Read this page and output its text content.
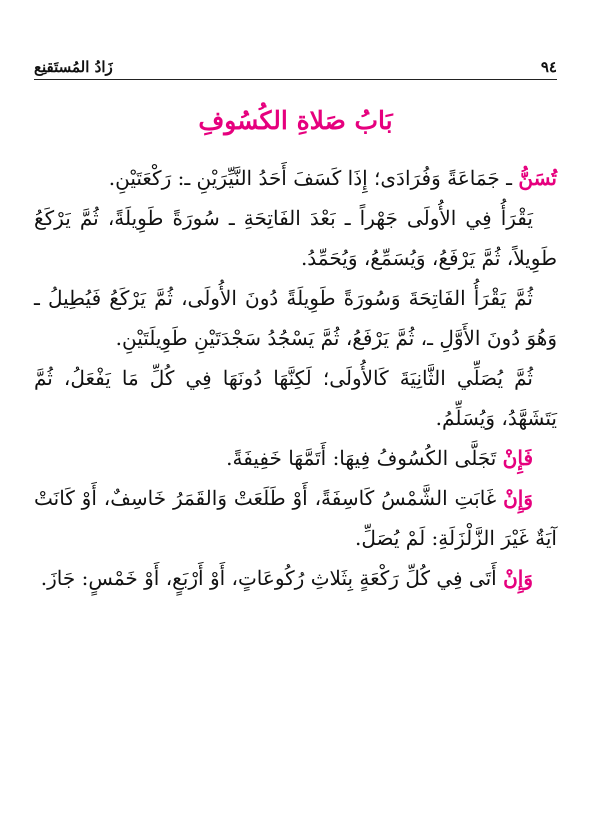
٩٤
زَادُ المُستَقنِع
بَابُ صَلاةِ الكُسُوفِ

تُسَنُّ ـ جَمَاعَةً وَفُرَادَى؛ إِذَا كَسَفَ أَحَدُ النَّيِّرَيْنِ ـ: رَكْعَتَيْنِ.

يَقْرَأُ فِي الأُولَى جَهْراً ـ بَعْدَ الفَاتِحَةِ ـ سُورَةً طَوِيلَةً، ثُمَّ يَرْكَعُ طَوِيلاً، ثُمَّ يَرْفَعُ، وَيُسَمِّعُ، وَيُحَمِّدُ.

ثُمَّ يَقْرَأُ الفَاتِحَةَ وَسُورَةً طَوِيلَةً دُونَ الأُولَى، ثُمَّ يَرْكَعُ فَيُطِيلُ ـ وَهُوَ دُونَ الأَوَّلِ ـ، ثُمَّ يَرْفَعُ، ثُمَّ يَسْجُدُ سَجْدَتَيْنِ طَوِيلَتَيْنِ.

ثُمَّ يُصَلِّي الثَّانِيَةَ كَالأُولَى؛ لَكِنَّهَا دُونَهَا فِي كُلِّ مَا يَفْعَلُ، ثُمَّ يَتَشَهَّدُ، وَيُسَلِّمُ.

فَإِنْ تَجَلَّى الكُسُوفُ فِيهَا: أَتَمَّهَا خَفِيفَةً.

وَإِنْ غَابَتِ الشَّمْسُ كَاسِفَةً، أَوْ طَلَعَتْ وَالقَمَرُ خَاسِفٌ، أَوْ كَانَتْ آيَةٌ غَيْرَ الزَّلْزَلَةِ: لَمْ يُصَلِّ.

وَإِنْ أَتَى فِي كُلِّ رَكْعَةٍ بِثَلاثِ رُكُوعَاتٍ، أَوْ أَرْبَعٍ، أَوْ خَمْسٍ: جَازَ.
